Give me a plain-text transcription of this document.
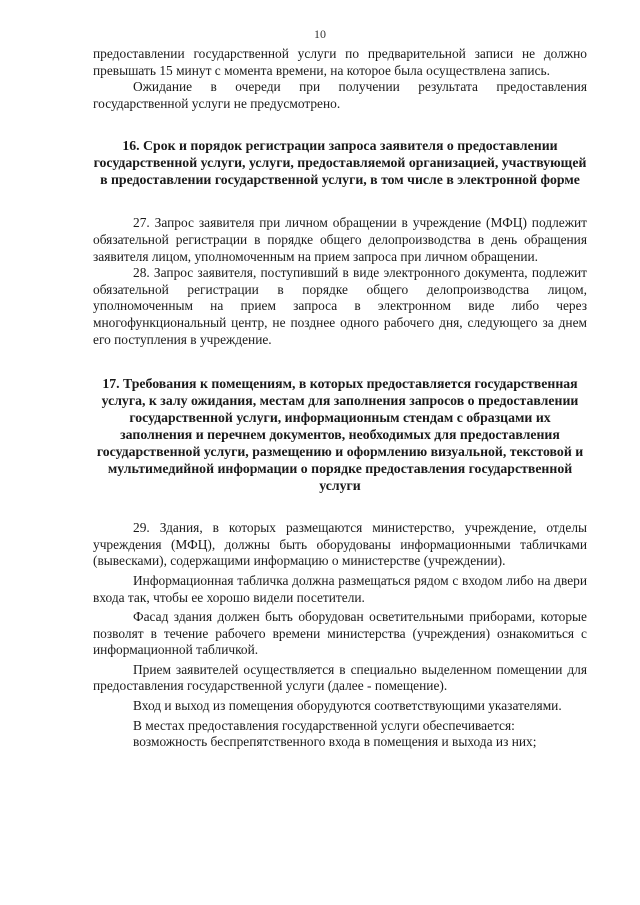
10

предоставлении государственной услуги по предварительной записи не должно превышать 15 минут с момента времени, на которое была осуществлена запись.

Ожидание в очереди при получении результата предоставления государственной услуги не предусмотрено.

16. Срок и порядок регистрации запроса заявителя о предоставлении государственной услуги, услуги, предоставляемой организацией, участвующей в предоставлении государственной услуги, в том числе в электронной форме

27. Запрос заявителя при личном обращении в учреждение (МФЦ) подлежит обязательной регистрации в порядке общего делопроизводства в день обращения заявителя лицом, уполномоченным на прием запроса при личном обращении.

28. Запрос заявителя, поступивший в виде электронного документа, подлежит обязательной регистрации в порядке общего делопроизводства лицом, уполномоченным на прием запроса в электронном виде либо через многофункциональный центр, не позднее одного рабочего дня, следующего за днем его поступления в учреждение.

17. Требования к помещениям, в которых предоставляется государственная услуга, к залу ожидания, местам для заполнения запросов о предоставлении государственной услуги, информационным стендам с образцами их заполнения и перечнем документов, необходимых для предоставления государственной услуги, размещению и оформлению визуальной, текстовой и мультимедийной информации о порядке предоставления государственной услуги

29. Здания, в которых размещаются министерство, учреждение, отделы учреждения (МФЦ), должны быть оборудованы информационными табличками (вывесками), содержащими информацию о министерстве (учреждении).

Информационная табличка должна размещаться рядом с входом либо на двери входа так, чтобы ее хорошо видели посетители.

Фасад здания должен быть оборудован осветительными приборами, которые позволят в течение рабочего времени министерства (учреждения) ознакомиться с информационной табличкой.

Прием заявителей осуществляется в специально выделенном помещении для предоставления государственной услуги (далее - помещение).

Вход и выход из помещения оборудуются соответствующими указателями.

В местах предоставления государственной услуги обеспечивается:

возможность беспрепятственного входа в помещения и выхода из них;
